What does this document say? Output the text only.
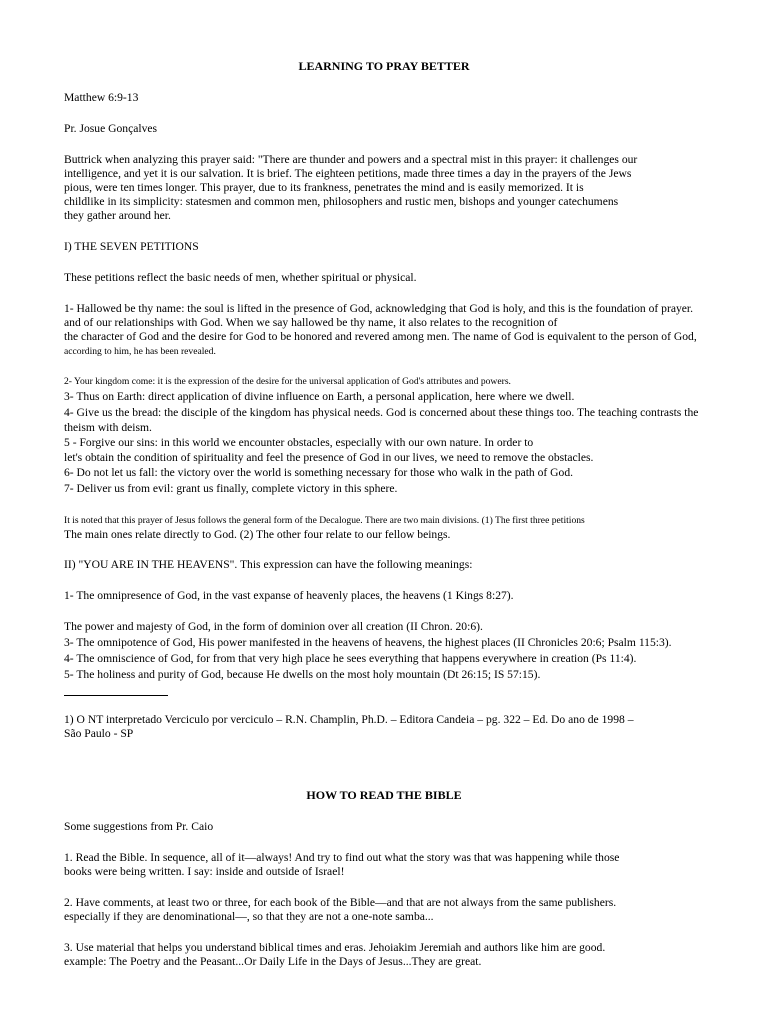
LEARNING TO PRAY BETTER

Matthew 6:9-13

Pr. Josue Gonçalves

Buttrick when analyzing this prayer said: "There are thunder and powers and a spectral mist in this prayer: it challenges our

intelligence, and yet it is our salvation. It is brief. The eighteen petitions, made three times a day in the prayers of the Jews

pious, were ten times longer. This prayer, due to its frankness, penetrates the mind and is easily memorized. It is

childlike in its simplicity: statesmen and common men, philosophers and rustic men, bishops and younger catechumens

they gather around her.

I) THE SEVEN PETITIONS

These petitions reflect the basic needs of men, whether spiritual or physical.

1- Hallowed be thy name: the soul is lifted in the presence of God, acknowledging that God is holy, and this is the foundation of prayer.

and of our relationships with God. When we say hallowed be thy name, it also relates to the recognition of

the character of God and the desire for God to be honored and revered among men. The name of God is equivalent to the person of God,

according to him, he has been revealed.

2- Your kingdom come: it is the expression of the desire for the universal application of God's attributes and powers.

3- Thus on Earth: direct application of divine influence on Earth, a personal application, here where we dwell.

4- Give us the bread: the disciple of the kingdom has physical needs. God is concerned about these things too. The teaching contrasts the

theism with deism.

5 - Forgive our sins: in this world we encounter obstacles, especially with our own nature. In order to

let's obtain the condition of spirituality and feel the presence of God in our lives, we need to remove the obstacles.

6- Do not let us fall: the victory over the world is something necessary for those who walk in the path of God.

7- Deliver us from evil: grant us finally, complete victory in this sphere.

It is noted that this prayer of Jesus follows the general form of the Decalogue. There are two main divisions. (1) The first three petitions

The main ones relate directly to God. (2) The other four relate to our fellow beings.

II) "YOU ARE IN THE HEAVENS". This expression can have the following meanings:

1- The omnipresence of God, in the vast expanse of heavenly places, the heavens (1 Kings 8:27).

The power and majesty of God, in the form of dominion over all creation (II Chron. 20:6).

3- The omnipotence of God, His power manifested in the heavens of heavens, the highest places (II Chronicles 20:6; Psalm 115:3).

4- The omniscience of God, for from that very high place he sees everything that happens everywhere in creation (Ps 11:4).

5- The holiness and purity of God, because He dwells on the most holy mountain (Dt 26:15; IS 57:15).

1) O NT interpretado Verciculo por verciculo – R.N. Champlin, Ph.D. – Editora Candeia – pg. 322 – Ed. Do ano de 1998 –

São Paulo - SP

HOW TO READ THE BIBLE

Some suggestions from Pr. Caio

1. Read the Bible. In sequence, all of it—always! And try to find out what the story was that was happening while those

books were being written. I say: inside and outside of Israel!

2. Have comments, at least two or three, for each book of the Bible—and that are not always from the same publishers.

especially if they are denominational—, so that they are not a one-note samba...

3. Use material that helps you understand biblical times and eras. Jehoiakim Jeremiah and authors like him are good.

example: The Poetry and the Peasant...Or Daily Life in the Days of Jesus...They are great.
